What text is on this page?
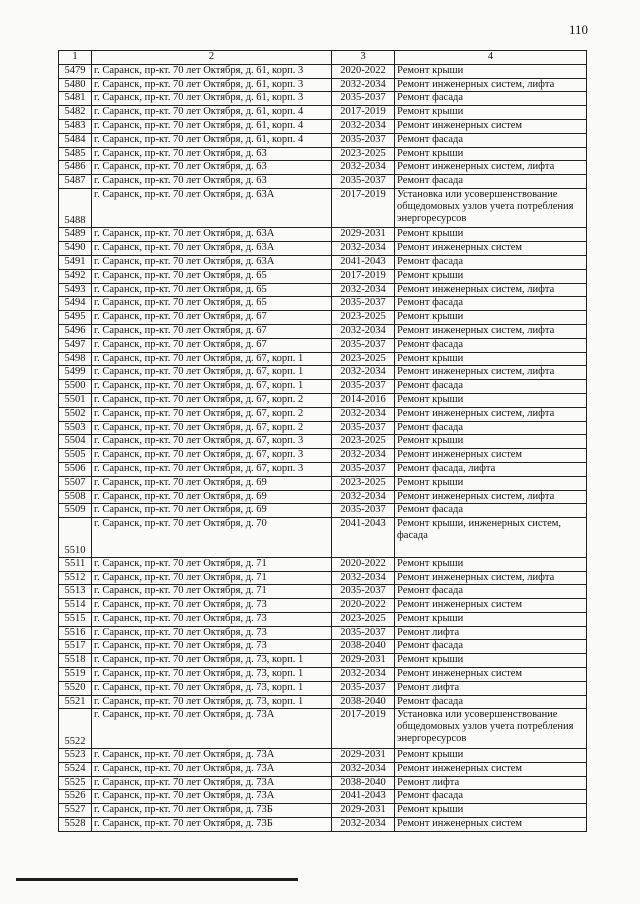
110
1	2	3	4
5479	г. Саранск, пр-кт. 70 лет Октября, д. 61, корп. 3	2020-2022	Ремонт крыши
5480	г. Саранск, пр-кт. 70 лет Октября, д. 61, корп. 3	2032-2034	Ремонт инженерных систем, лифта
5481	г. Саранск, пр-кт. 70 лет Октября, д. 61, корп. 3	2035-2037	Ремонт фасада
5482	г. Саранск, пр-кт. 70 лет Октября, д. 61, корп. 4	2017-2019	Ремонт крыши
5483	г. Саранск, пр-кт. 70 лет Октября, д. 61, корп. 4	2032-2034	Ремонт инженерных систем
5484	г. Саранск, пр-кт. 70 лет Октября, д. 61, корп. 4	2035-2037	Ремонт фасада
5485	г. Саранск, пр-кт. 70 лет Октября, д. 63	2023-2025	Ремонт крыши
5486	г. Саранск, пр-кт. 70 лет Октября, д. 63	2032-2034	Ремонт инженерных систем, лифта
5487	г. Саранск, пр-кт. 70 лет Октября, д. 63	2035-2037	Ремонт фасада
5488	г. Саранск, пр-кт. 70 лет Октября, д. 63А	2017-2019	Установка или усовершенствование общедомовых узлов учета потребления энергоресурсов
5489	г. Саранск, пр-кт. 70 лет Октября, д. 63А	2029-2031	Ремонт крыши
5490	г. Саранск, пр-кт. 70 лет Октября, д. 63А	2032-2034	Ремонт инженерных систем
5491	г. Саранск, пр-кт. 70 лет Октября, д. 63А	2041-2043	Ремонт фасада
5492	г. Саранск, пр-кт. 70 лет Октября, д. 65	2017-2019	Ремонт крыши
5493	г. Саранск, пр-кт. 70 лет Октября, д. 65	2032-2034	Ремонт инженерных систем, лифта
5494	г. Саранск, пр-кт. 70 лет Октября, д. 65	2035-2037	Ремонт фасада
5495	г. Саранск, пр-кт. 70 лет Октября, д. 67	2023-2025	Ремонт крыши
5496	г. Саранск, пр-кт. 70 лет Октября, д. 67	2032-2034	Ремонт инженерных систем, лифта
5497	г. Саранск, пр-кт. 70 лет Октября, д. 67	2035-2037	Ремонт фасада
5498	г. Саранск, пр-кт. 70 лет Октября, д. 67, корп. 1	2023-2025	Ремонт крыши
5499	г. Саранск, пр-кт. 70 лет Октября, д. 67, корп. 1	2032-2034	Ремонт инженерных систем, лифта
5500	г. Саранск, пр-кт. 70 лет Октября, д. 67, корп. 1	2035-2037	Ремонт фасада
5501	г. Саранск, пр-кт. 70 лет Октября, д. 67, корп. 2	2014-2016	Ремонт крыши
5502	г. Саранск, пр-кт. 70 лет Октября, д. 67, корп. 2	2032-2034	Ремонт инженерных систем, лифта
5503	г. Саранск, пр-кт. 70 лет Октября, д. 67, корп. 2	2035-2037	Ремонт фасада
5504	г. Саранск, пр-кт. 70 лет Октября, д. 67, корп. 3	2023-2025	Ремонт крыши
5505	г. Саранск, пр-кт. 70 лет Октября, д. 67, корп. 3	2032-2034	Ремонт инженерных систем
5506	г. Саранск, пр-кт. 70 лет Октября, д. 67, корп. 3	2035-2037	Ремонт фасада, лифта
5507	г. Саранск, пр-кт. 70 лет Октября, д. 69	2023-2025	Ремонт крыши
5508	г. Саранск, пр-кт. 70 лет Октября, д. 69	2032-2034	Ремонт инженерных систем, лифта
5509	г. Саранск, пр-кт. 70 лет Октября, д. 69	2035-2037	Ремонт фасада
5510	г. Саранск, пр-кт. 70 лет Октября, д. 70	2041-2043	Ремонт крыши, инженерных систем, фасада
5511	г. Саранск, пр-кт. 70 лет Октября, д. 71	2020-2022	Ремонт крыши
5512	г. Саранск, пр-кт. 70 лет Октября, д. 71	2032-2034	Ремонт инженерных систем, лифта
5513	г. Саранск, пр-кт. 70 лет Октября, д. 71	2035-2037	Ремонт фасада
5514	г. Саранск, пр-кт. 70 лет Октября, д. 73	2020-2022	Ремонт инженерных систем
5515	г. Саранск, пр-кт. 70 лет Октября, д. 73	2023-2025	Ремонт крыши
5516	г. Саранск, пр-кт. 70 лет Октября, д. 73	2035-2037	Ремонт лифта
5517	г. Саранск, пр-кт. 70 лет Октября, д. 73	2038-2040	Ремонт фасада
5518	г. Саранск, пр-кт. 70 лет Октября, д. 73, корп. 1	2029-2031	Ремонт крыши
5519	г. Саранск, пр-кт. 70 лет Октября, д. 73, корп. 1	2032-2034	Ремонт инженерных систем
5520	г. Саранск, пр-кт. 70 лет Октября, д. 73, корп. 1	2035-2037	Ремонт лифта
5521	г. Саранск, пр-кт. 70 лет Октября, д. 73, корп. 1	2038-2040	Ремонт фасада
5522	г. Саранск, пр-кт. 70 лет Октября, д. 73А	2017-2019	Установка или усовершенствование общедомовых узлов учета потребления энергоресурсов
5523	г. Саранск, пр-кт. 70 лет Октября, д. 73А	2029-2031	Ремонт крыши
5524	г. Саранск, пр-кт. 70 лет Октября, д. 73А	2032-2034	Ремонт инженерных систем
5525	г. Саранск, пр-кт. 70 лет Октября, д. 73А	2038-2040	Ремонт лифта
5526	г. Саранск, пр-кт. 70 лет Октября, д. 73А	2041-2043	Ремонт фасада
5527	г. Саранск, пр-кт. 70 лет Октября, д. 73Б	2029-2031	Ремонт крыши
5528	г. Саранск, пр-кт. 70 лет Октября, д. 73Б	2032-2034	Ремонт инженерных систем
